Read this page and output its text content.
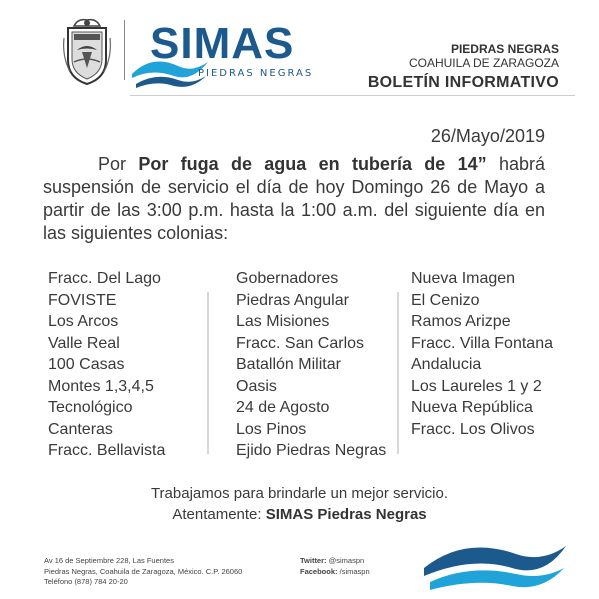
SIMAS
PIEDRAS NEGRAS
PIEDRAS NEGRAS
COAHUILA DE ZARAGOZA
BOLETÍN INFORMATIVO
26/Mayo/2019
Por Por fuga de agua en tubería de 14” habrá suspensión de servicio el día de hoy Domingo 26 de Mayo a partir de las 3:00 p.m. hasta la 1:00 a.m. del siguiente día en las siguientes colonias:
Fracc. Del Lago
FOVISTE
Los Arcos
Valle Real
100 Casas
Montes 1,3,4,5
Tecnológico
Canteras
Fracc. Bellavista
Gobernadores
Piedras Angular
Las Misiones
Fracc. San Carlos
Batallón Militar
Oasis
24 de Agosto
Los Pinos
Ejido Piedras Negras
Nueva Imagen
El Cenizo
Ramos Arizpe
Fracc. Villa Fontana
Andalucia
Los Laureles 1 y 2
Nueva República
Fracc. Los Olivos
Trabajamos para brindarle un mejor servicio.
Atentamente: SIMAS Piedras Negras
Av 16 de Septiembre 228, Las Fuentes
Piedras Negras, Coahuila de Zaragoza, México. C.P. 26060
Teléfono (878) 784 20-20
Twitter: @simaspn
Facebook: /simaspn
